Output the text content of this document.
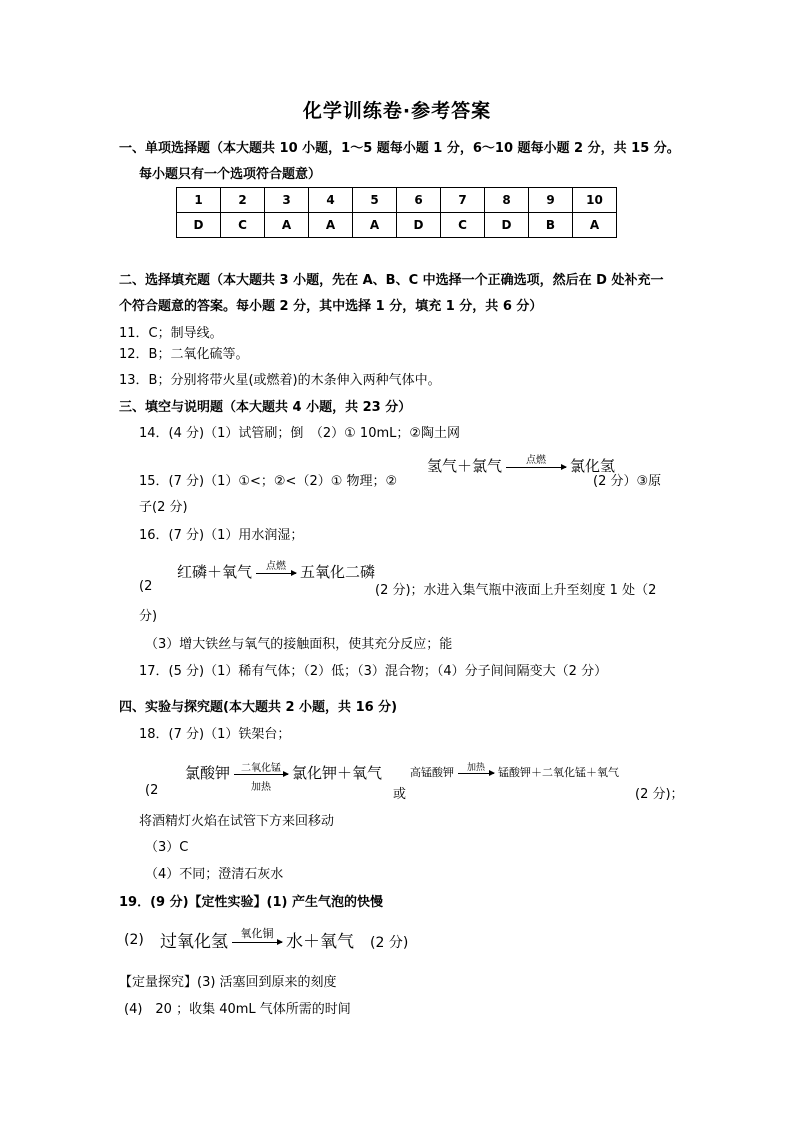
化学训练卷·参考答案
一、单项选择题（本大题共 10 小题，1～5 题每小题 1 分，6～10 题每小题 2 分，共 15 分。
每小题只有一个选项符合题意）
1	2	3	4	5	6	7	8	9	10
D	C	A	A	A	D	C	D	B	A
二、选择填充题（本大题共 3 小题，先在 A、B、C 中选择一个正确选项，然后在 D 处补充一
个符合题意的答案。每小题 2 分，其中选择 1 分，填充 1 分，共 6 分）
11．C；制导线。
12．B；二氧化硫等。
13．B；分别将带火星(或燃着)的木条伸入两种气体中。
三、填空与说明题（本大题共 4 小题，共 23 分）
14．(4 分)（1）试管刷；倒　（2）① 10mL；②陶土网
15．(7 分)（1）①<；②<（2）① 物理；②
氢气＋氯气	点燃	氯化氢
(2 分）③原
子(2 分)
16．(7 分)（1）用水润湿；
(2
红磷＋氧气	点燃 五氧化二磷
(2 分)；水进入集气瓶中液面上升至刻度 1 处（2
分)
（3）增大铁丝与氧气的接触面积，使其充分反应；能
17．(5 分)（1）稀有气体；（2）低；（3）混合物；（4）分子间间隔变大（2 分）
四、实验与探究题(本大题共 2 小题，共 16 分)
18．(7 分)（1）铁架台；
(2
氯酸钾	二氧化锰
加热
氯化钾＋氧气
或
高锰酸钾	加热	锰酸钾＋二氧化锰＋氧气
(2 分)；
将酒精灯火焰在试管下方来回移动
（3）C
（4）不同；澄清石灰水
19．(9 分)【定性实验】(1) 产生气泡的快慢
(2) 过氧化氢	氧化铜 水＋氧气 (2 分)
【定量探究】(3) 活塞回到原来的刻度
(4)　20 ；收集 40mL 气体所需的时间
